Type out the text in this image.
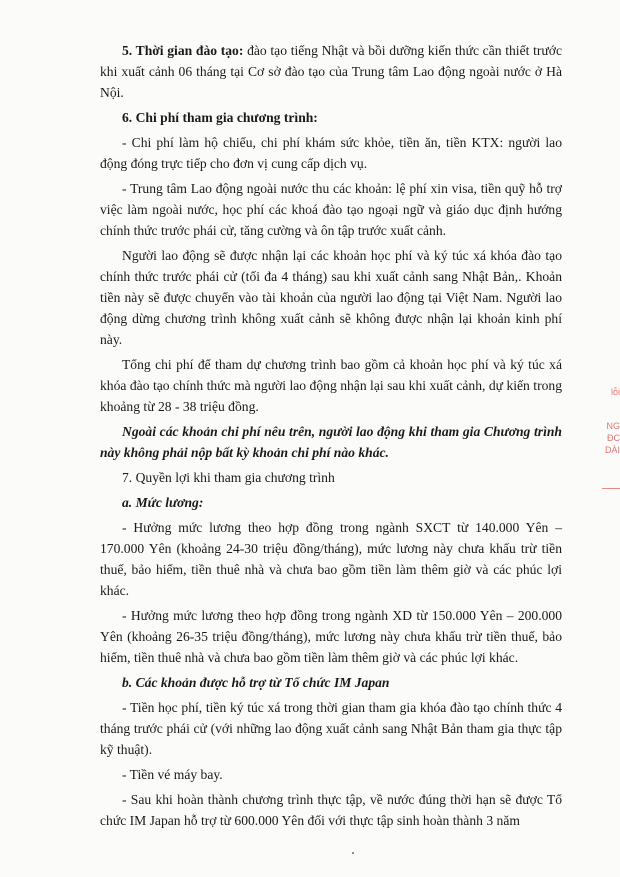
5. Thời gian đào tạo: đào tạo tiếng Nhật và bồi dưỡng kiến thức cần thiết trước khi xuất cảnh 06 tháng tại Cơ sở đào tạo của Trung tâm Lao động ngoài nước ở Hà Nội.

6. Chi phí tham gia chương trình:

- Chi phí làm hộ chiếu, chi phí khám sức khỏe, tiền ăn, tiền KTX: người lao động đóng trực tiếp cho đơn vị cung cấp dịch vụ.

- Trung tâm Lao động ngoài nước thu các khoản: lệ phí xin visa, tiền quỹ hỗ trợ việc làm ngoài nước, học phí các khoá đào tạo ngoại ngữ và giáo dục định hướng chính thức trước phái cử, tăng cường và ôn tập trước xuất cảnh.

Người lao động sẽ được nhận lại các khoản học phí và ký túc xá khóa đào tạo chính thức trước phái cử (tối đa 4 tháng) sau khi xuất cảnh sang Nhật Bản,. Khoản tiền này sẽ được chuyển vào tài khoản của người lao động tại Việt Nam. Người lao động dừng chương trình không xuất cảnh sẽ không được nhận lại khoản kinh phí này.

Tổng chi phí để tham dự chương trình bao gồm cả khoản học phí và ký túc xá khóa đào tạo chính thức mà người lao động nhận lại sau khi xuất cảnh, dự kiến trong khoảng từ 28 - 38 triệu đồng.

Ngoài các khoản chi phí nêu trên, người lao động khi tham gia Chương trình này không phải nộp bất kỳ khoản chi phí nào khác.

7. Quyền lợi khi tham gia chương trình

a. Mức lương:

- Hưởng mức lương theo hợp đồng trong ngành SXCT từ 140.000 Yên – 170.000 Yên (khoảng 24-30 triệu đồng/tháng), mức lương này chưa khấu trừ tiền thuế, bảo hiểm, tiền thuê nhà và chưa bao gồm tiền làm thêm giờ và các phúc lợi khác.

- Hưởng mức lương theo hợp đồng trong ngành XD từ 150.000 Yên – 200.000 Yên (khoảng 26-35 triệu đồng/tháng), mức lương này chưa khấu trừ tiền thuế, bảo hiểm, tiền thuê nhà và chưa bao gồm tiền làm thêm giờ và các phúc lợi khác.

b. Các khoản được hỗ trợ từ Tổ chức IM Japan

- Tiền học phí, tiền ký túc xá trong thời gian tham gia khóa đào tạo chính thức 4 tháng trước phái cử (với những lao động xuất cảnh sang Nhật Bản tham gia thực tập kỹ thuật).

- Tiền vé máy bay.

- Sau khi hoàn thành chương trình thực tập, về nước đúng thời hạn sẽ được Tổ chức IM Japan hỗ trợ từ 600.000 Yên đối với thực tập sinh hoàn thành 3 năm

lỗi
NG
ĐC
DÀI
